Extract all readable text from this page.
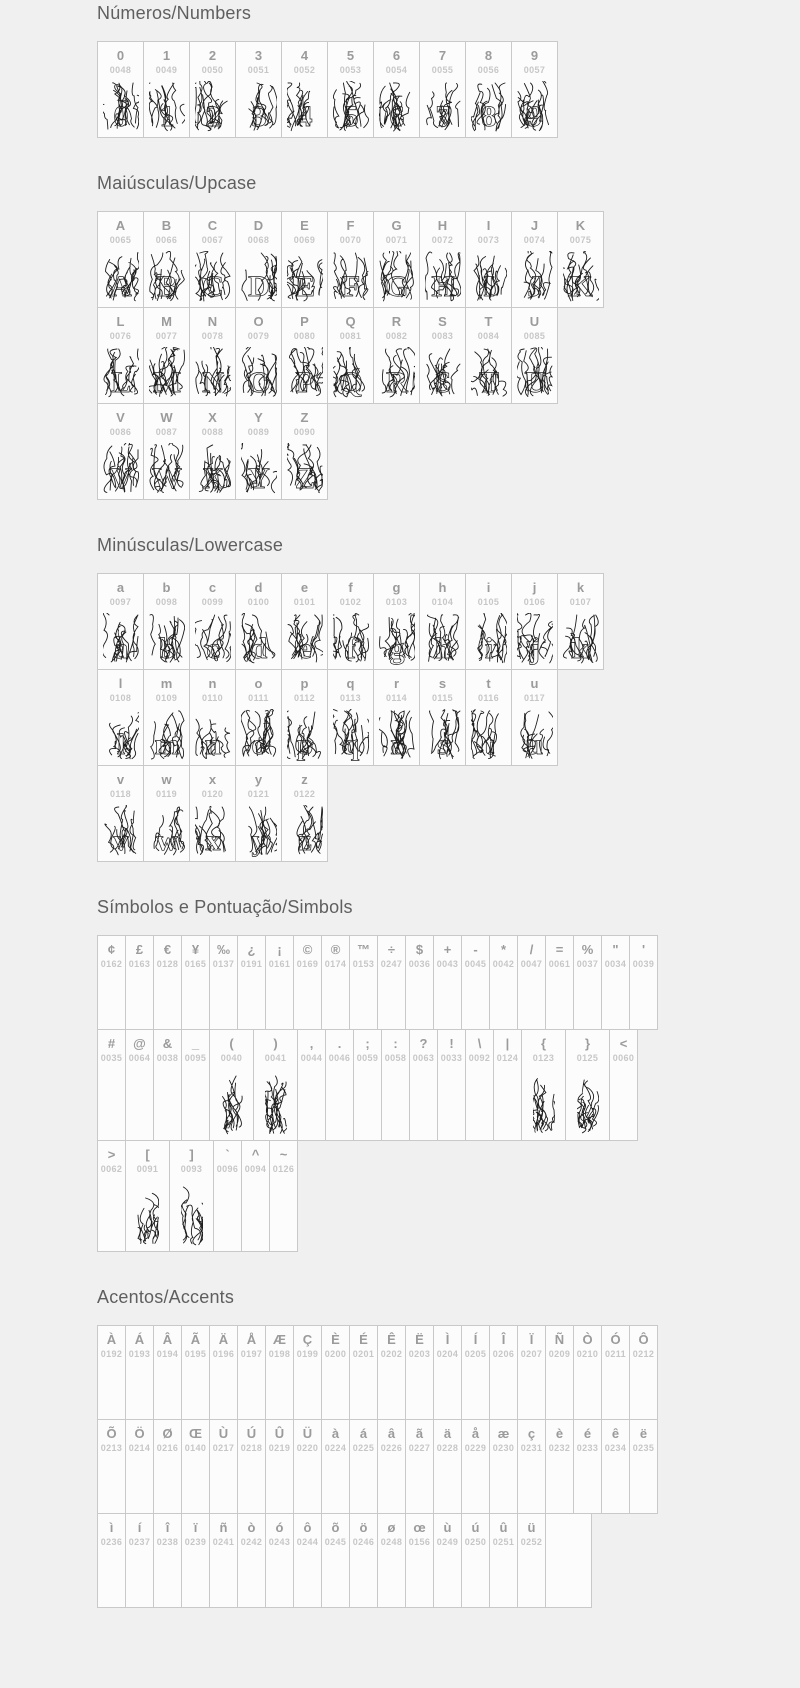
Números/Numbers
0
0048
0
1
0049
1
2
0050
2
3
0051
3
4
0052
4
5
0053
5
6
0054
6
7
0055
7
8
0056
8
9
0057
9
Maiúsculas/Upcase
A
0065
A
B
0066
B
C
0067
C
D
0068
D
E
0069
E
F
0070
F
G
0071
G
H
0072
H
I
0073
I
J
0074
J
K
0075
K
L
0076
L
M
0077
M
N
0078
N
O
0079
O
P
0080
P
Q
0081
Q
R
0082
R
S
0083
S
T
0084
T
U
0085
U
V
0086
V
W
0087
W
X
0088
X
Y
0089
Y
Z
0090
Z
Minúsculas/Lowercase
a
0097
a
b
0098
b
c
0099
c
d
0100
d
e
0101
e
f
0102
f
g
0103
g
h
0104
h
i
0105
i
j
0106
j
k
0107
k
l
0108
l
m
0109
m
n
0110
n
o
0111
o
p
0112
p
q
0113
q
r
0114
r
s
0115
s
t
0116
t
u
0117
u
v
0118
v
w
0119
w
x
0120
x
y
0121
y
z
0122
z
Símbolos e Pontuação/Simbols
¢
0162
£
0163
€
0128
¥
0165
‰
0137
¿
0191
¡
0161
©
0169
®
0174
™
0153
÷
0247
$
0036
+
0043
-
0045
*
0042
/
0047
=
0061
%
0037
"
0034
'
0039
#
0035
@
0064
&
0038
_
0095
(
0040
)
0041
,
0044
.
0046
;
0059
:
0058
?
0063
!
0033
\
0092
|
0124
{
0123
}
0125
<
0060
>
0062
[
0091
]
0093
`
0096
^
0094
~
0126
Acentos/Accents
À
0192
Á
0193
Â
0194
Ã
0195
Ä
0196
Å
0197
Æ
0198
Ç
0199
È
0200
É
0201
Ê
0202
Ë
0203
Ì
0204
Í
0205
Î
0206
Ï
0207
Ñ
0209
Ò
0210
Ó
0211
Ô
0212
Õ
0213
Ö
0214
Ø
0216
Œ
0140
Ù
0217
Ú
0218
Û
0219
Ü
0220
à
0224
á
0225
â
0226
ã
0227
ä
0228
å
0229
æ
0230
ç
0231
è
0232
é
0233
ê
0234
ë
0235
ì
0236
í
0237
î
0238
ï
0239
ñ
0241
ò
0242
ó
0243
ô
0244
õ
0245
ö
0246
ø
0248
œ
0156
ù
0249
ú
0250
û
0251
ü
0252
